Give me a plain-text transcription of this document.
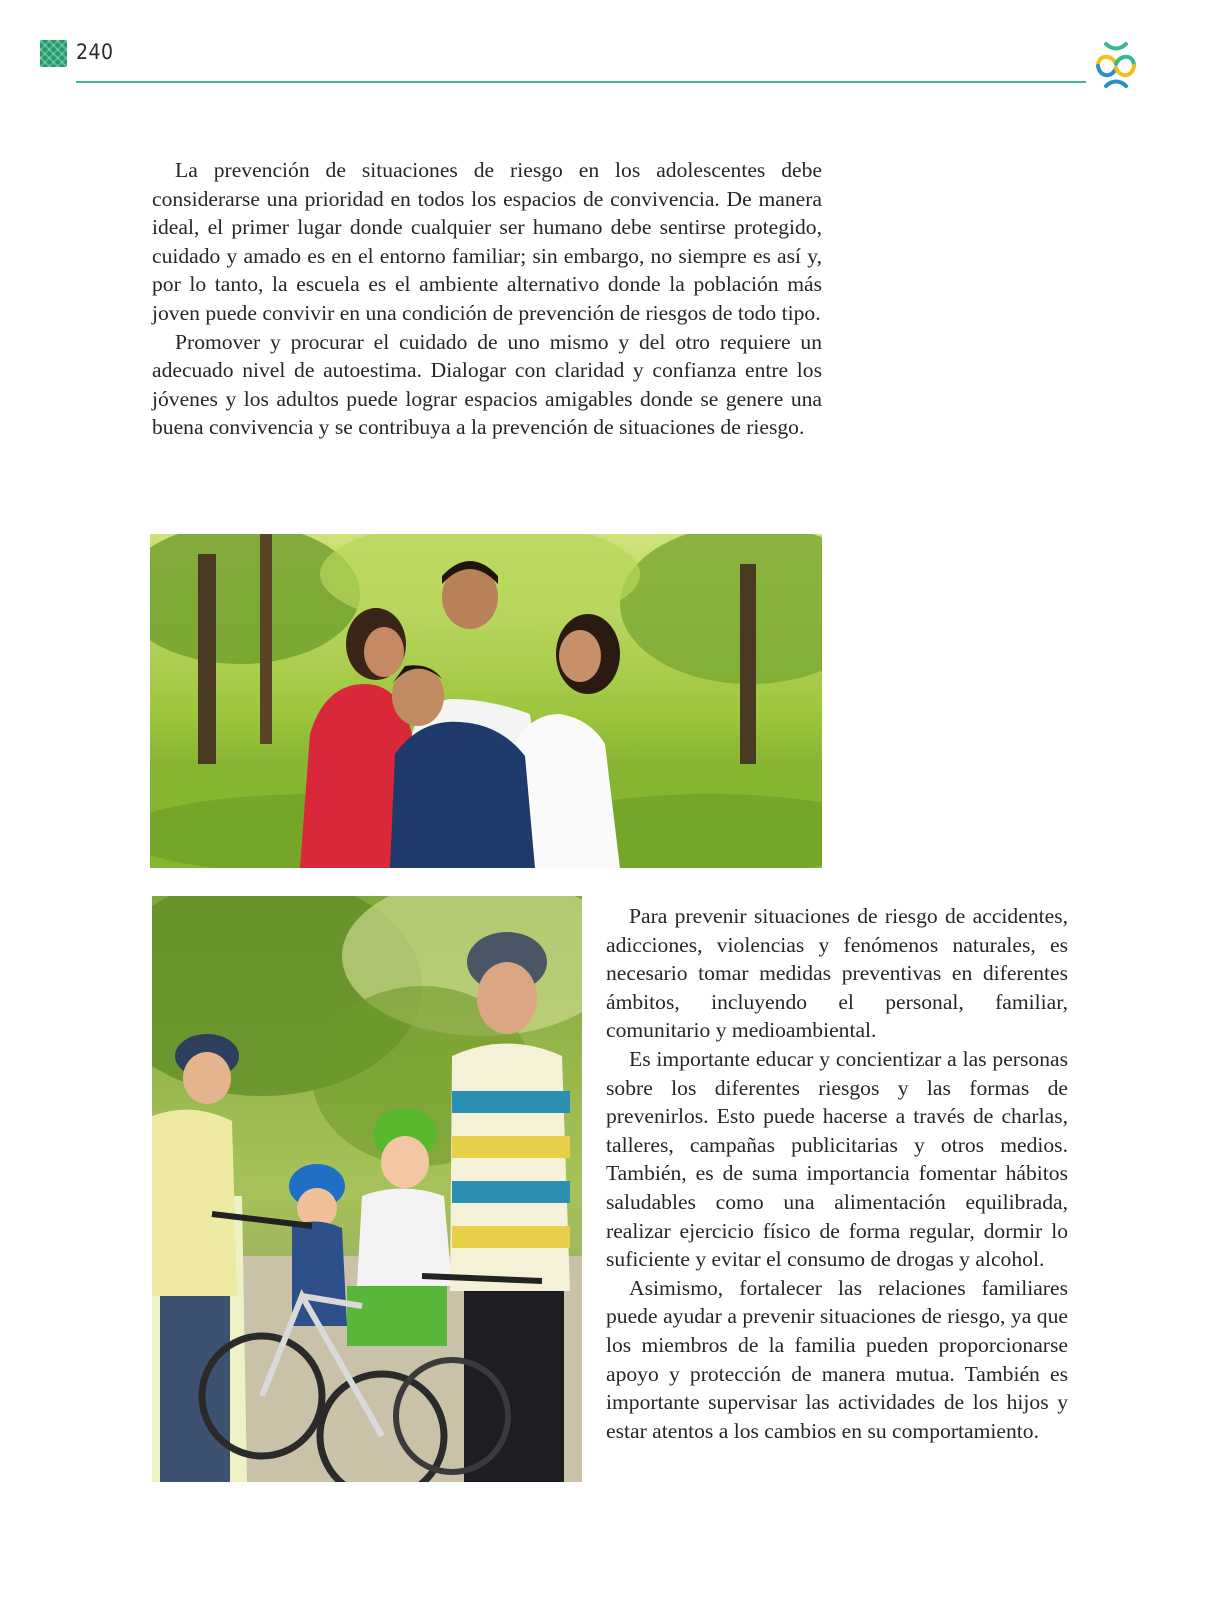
240

La prevención de situaciones de riesgo en los adolescentes debe considerarse una prioridad en todos los espacios de convivencia. De manera ideal, el primer lugar donde cualquier ser humano debe sentirse protegido, cuidado y amado es en el entorno familiar; sin embargo, no siempre es así y, por lo tanto, la escuela es el ambiente alternativo donde la población más joven puede convivir en una condición de prevención de riesgos de todo tipo.

Promover y procurar el cuidado de uno mismo y del otro requiere un adecuado nivel de autoestima. Dialogar con claridad y confianza entre los jóvenes y los adultos puede lograr espacios amigables donde se genere una buena convivencia y se contribuya a la prevención de situaciones de riesgo.

Para prevenir situaciones de riesgo de accidentes, adicciones, violencias y fenómenos naturales, es necesario tomar medidas preventivas en diferentes ámbitos, incluyendo el personal, familiar, comunitario y medioambiental.

Es importante educar y concientizar a las personas sobre los diferentes riesgos y las formas de prevenirlos. Esto puede hacerse a través de charlas, talleres, campañas publicitarias y otros medios. También, es de suma importancia fomentar hábitos saludables como una alimentación equilibrada, realizar ejercicio físico de forma regular, dormir lo suficiente y evitar el consumo de drogas y alcohol.

Asimismo, fortalecer las relaciones familiares puede ayudar a prevenir situaciones de riesgo, ya que los miembros de la familia pueden proporcionarse apoyo y protección de manera mutua. También es importante supervisar las actividades de los hijos y estar atentos a los cambios en su comportamiento.
